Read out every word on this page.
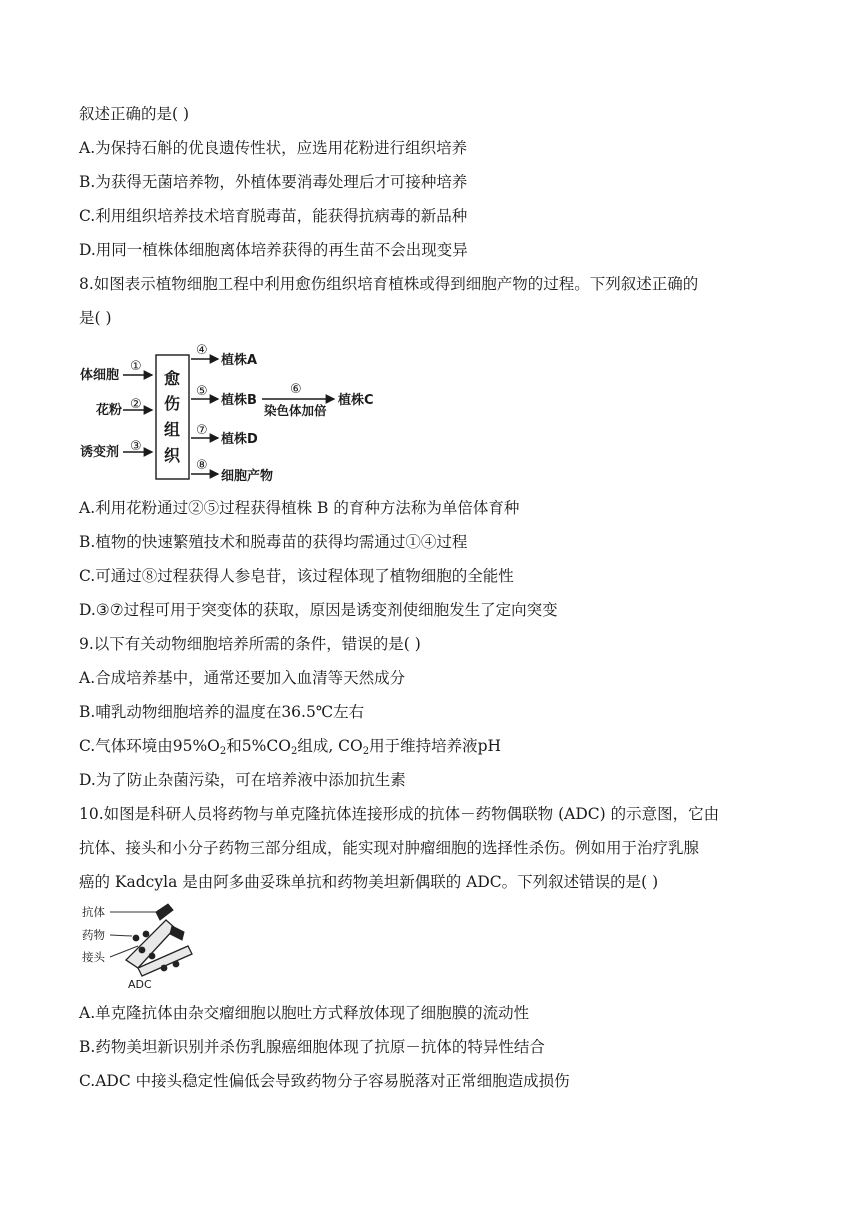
叙述正确的是( )

A.为保持石斛的优良遗传性状，应选用花粉进行组织培养

B.为获得无菌培养物，外植体要消毒处理后才可接种培养

C.利用组织培养技术培育脱毒苗，能获得抗病毒的新品种

D.用同一植株体细胞离体培养获得的再生苗不会出现变异

8.如图表示植物细胞工程中利用愈伤组织培育植株或得到细胞产物的过程。下列叙述正确的

是( )

体细胞
花粉
诱变剂
①
②
③
愈
伤
组
织
④
⑤
⑦
⑧
植株A
植株B
植株D
细胞产物
⑥
染色体加倍
植株C

A.利用花粉通过②⑤过程获得植株 B 的育种方法称为单倍体育种

B.植物的快速繁殖技术和脱毒苗的获得均需通过①④过程

C.可通过⑧过程获得人参皂苷，该过程体现了植物细胞的全能性

D.③⑦过程可用于突变体的获取，原因是诱变剂使细胞发生了定向突变

9.以下有关动物细胞培养所需的条件，错误的是( )

A.合成培养基中，通常还要加入血清等天然成分

B.哺乳动物细胞培养的温度在36.5℃左右

C.气体环境由$95\%O_2$和$5\%CO_2$组成, $CO_2$用于维持培养液pH

D.为了防止杂菌污染，可在培养液中添加抗生素

10.如图是科研人员将药物与单克隆抗体连接形成的抗体－药物偶联物 (ADC) 的示意图，它由

抗体、接头和小分子药物三部分组成，能实现对肿瘤细胞的选择性杀伤。例如用于治疗乳腺

癌的 Kadcyla 是由阿多曲妥珠单抗和药物美坦新偶联的 ADC。下列叙述错误的是( )

抗体
药物
接头
ADC

A.单克隆抗体由杂交瘤细胞以胞吐方式释放体现了细胞膜的流动性

B.药物美坦新识别并杀伤乳腺癌细胞体现了抗原－抗体的特异性结合

C.ADC 中接头稳定性偏低会导致药物分子容易脱落对正常细胞造成损伤
